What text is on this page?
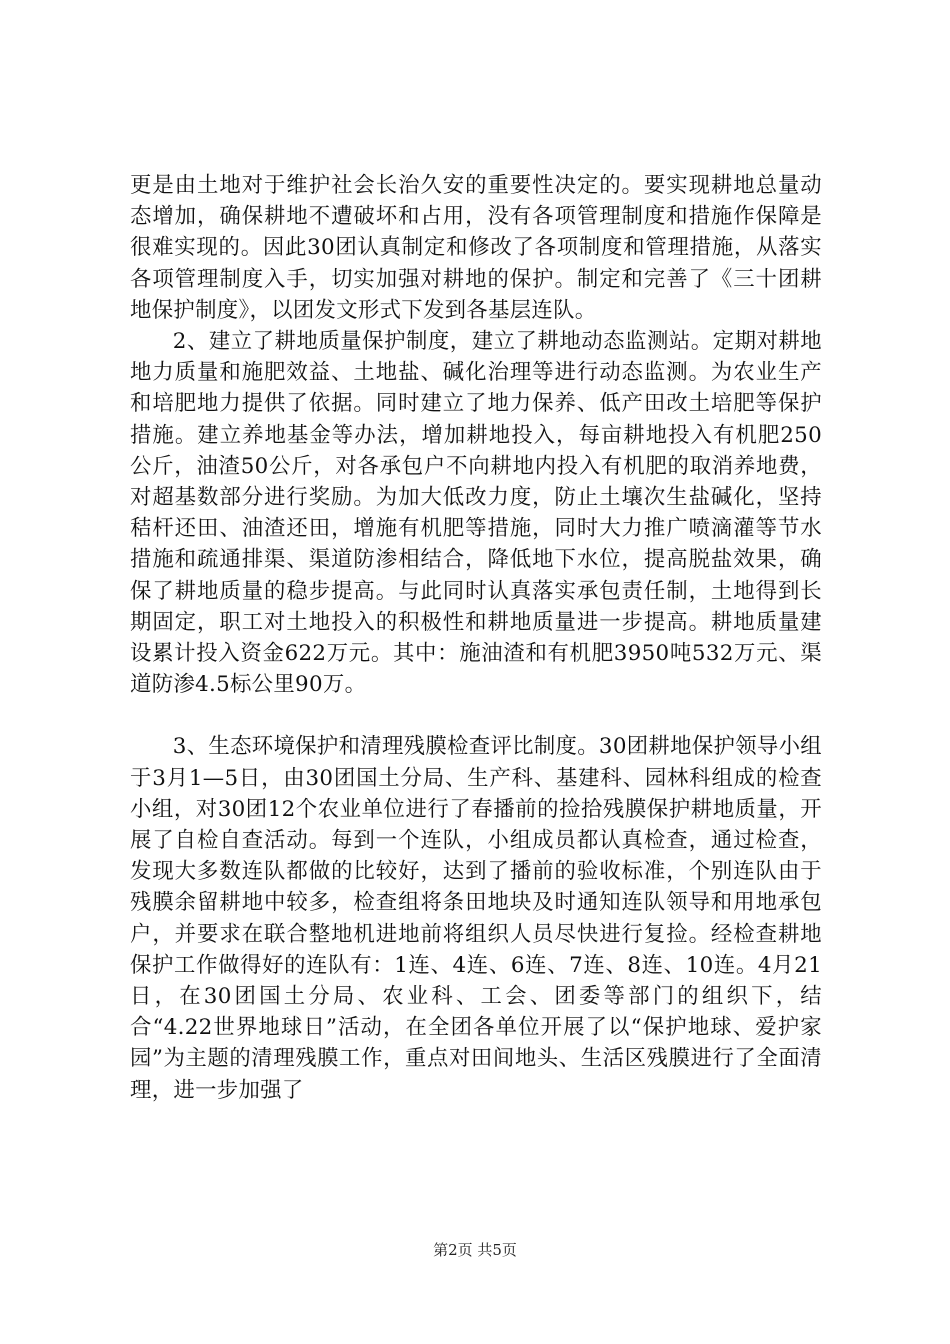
更是由土地对于维护社会长治久安的重要性决定的。要实现耕地总量动态增加，确保耕地不遭破坏和占用，没有各项管理制度和措施作保障是很难实现的。因此30团认真制定和修改了各项制度和管理措施，从落实各项管理制度入手，切实加强对耕地的保护。制定和完善了《三十团耕地保护制度》，以团发文形式下发到各基层连队。

2、建立了耕地质量保护制度，建立了耕地动态监测站。定期对耕地地力质量和施肥效益、土地盐、碱化治理等进行动态监测。为农业生产和培肥地力提供了依据。同时建立了地力保养、低产田改土培肥等保护措施。建立养地基金等办法，增加耕地投入，每亩耕地投入有机肥250公斤，油渣50公斤，对各承包户不向耕地内投入有机肥的取消养地费，对超基数部分进行奖励。为加大低改力度，防止土壤次生盐碱化，坚持秸杆还田、油渣还田，增施有机肥等措施，同时大力推广喷滴灌等节水措施和疏通排渠、渠道防渗相结合，降低地下水位，提高脱盐效果，确保了耕地质量的稳步提高。与此同时认真落实承包责任制，土地得到长期固定，职工对土地投入的积极性和耕地质量进一步提高。耕地质量建设累计投入资金622万元。其中：施油渣和有机肥3950吨532万元、渠道防渗4.5标公里90万。

3、生态环境保护和清理残膜检查评比制度。30团耕地保护领导小组于3月1—5日，由30团国土分局、生产科、基建科、园林科组成的检查小组，对30团12个农业单位进行了春播前的捡拾残膜保护耕地质量，开展了自检自查活动。每到一个连队，小组成员都认真检查，通过检查，发现大多数连队都做的比较好，达到了播前的验收标准，个别连队由于残膜余留耕地中较多，检查组将条田地块及时通知连队领导和用地承包户，并要求在联合整地机进地前将组织人员尽快进行复捡。经检查耕地保护工作做得好的连队有：1连、4连、6连、7连、8连、10连。4月21日，在30团国土分局、农业科、工会、团委等部门的组织下，结合“4.22世界地球日”活动，在全团各单位开展了以“保护地球、爱护家园”为主题的清理残膜工作，重点对田间地头、生活区残膜进行了全面清理，进一步加强了

第2页 共5页
